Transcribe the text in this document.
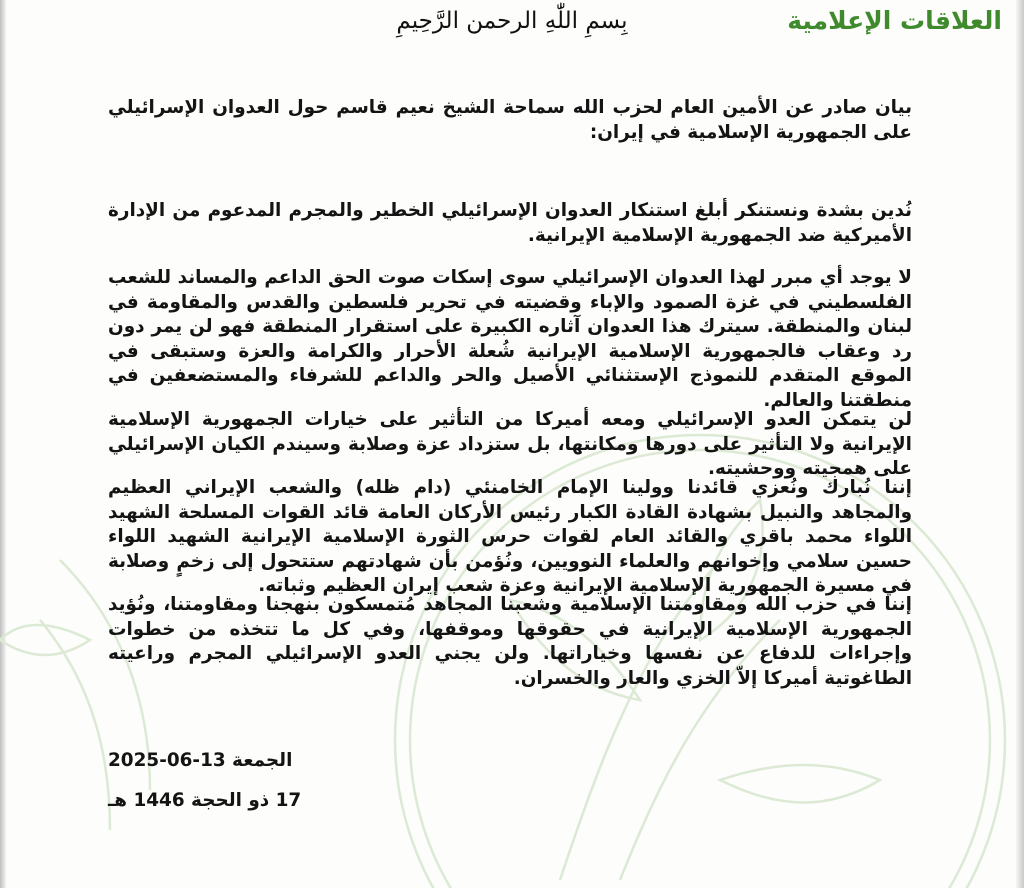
العلاقات الإعلامية
بِسمِ اللّٰهِ الرحمن الرَّحِيمِ
بيان صادر عن الأمين العام لحزب الله سماحة الشيخ نعيم قاسم حول العدوان الإسرائيلي على الجمهورية الإسلامية في إيران:
نُدين بشدة ونستنكر أبلغ استنكار العدوان الإسرائيلي الخطير والمجرم المدعوم من الإدارة الأميركية ضد الجمهورية الإسلامية الإيرانية.
لا يوجد أي مبرر لهذا العدوان الإسرائيلي سوى إسكات صوت الحق الداعم والمساند للشعب الفلسطيني في غزة الصمود والإباء وقضيته في تحرير فلسطين والقدس والمقاومة في لبنان والمنطقة. سيترك هذا العدوان آثاره الكبيرة على استقرار المنطقة فهو لن يمر دون رد وعقاب فالجمهورية الإسلامية الإيرانية شُعلة الأحرار والكرامة والعزة وستبقى في الموقع المتقدم للنموذج الإستثنائي الأصيل والحر والداعم للشرفاء والمستضعفين في منطقتنا والعالم.
لن يتمكن العدو الإسرائيلي ومعه أميركا من التأثير على خيارات الجمهورية الإسلامية الإيرانية ولا التأثير على دورها ومكانتها، بل ستزداد عزة وصلابة وسيندم الكيان الإسرائيلي على همجيته ووحشيته.
إننا نُبارك ونُعزي قائدنا وولينا الإمام الخامنئي (دام ظله) والشعب الإيراني العظيم والمجاهد والنبيل بشهادة القادة الكبار رئيس الأركان العامة قائد القوات المسلحة الشهيد اللواء محمد باقري والقائد العام لقوات حرس الثورة الإسلامية الإيرانية الشهيد اللواء حسين سلامي وإخوانهم والعلماء النوويين، ونُؤمن بأن شهادتهم ستتحول إلى زخمٍ وصلابة في مسيرة الجمهورية الإسلامية الإيرانية وعزة شعب إيران العظيم وثباته.
إننا في حزب الله ومقاومتنا الإسلامية وشعبنا المجاهد مُتمسكون بنهجنا ومقاومتنا، ونُؤيد الجمهورية الإسلامية الإيرانية في حقوقها وموقفها، وفي كل ما تتخذه من خطوات وإجراءات للدفاع عن نفسها وخياراتها. ولن يجني العدو الإسرائيلي المجرم وراعيته الطاغوتية أميركا إلاّ الخزي والعار والخسران.
الجمعة 13-06-2025
17 ذو الحجة 1446 هـ
